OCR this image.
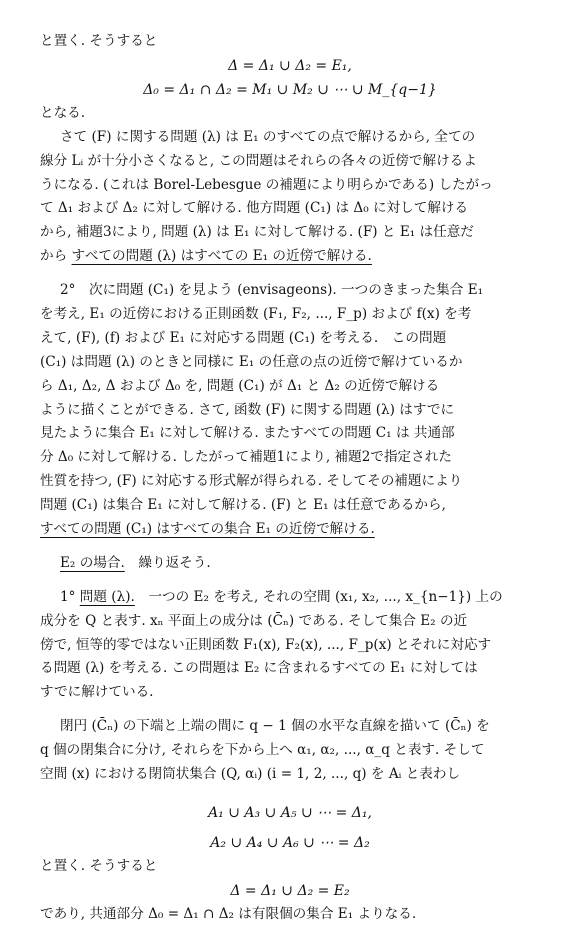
と置く. そうすると
Δ = Δ₁ ∪ Δ₂ = E₁,
Δ₀ = Δ₁ ∩ Δ₂ = M₁ ∪ M₂ ∪ ⋯ ∪ M_{q−1}
となる.
さて (F) に関する問題 (λ) は E₁ のすべての点で解けるから, 全ての
線分 Lᵢ が十分小さくなると, この問題はそれらの各々の近傍で解けるよ
うになる. (これは Borel-Lebesgue の補題により明らかである) したがっ
て Δ₁ および Δ₂ に対して解ける. 他方問題 (C₁) は Δ₀ に対して解ける
から, 補題3により, 問題 (λ) は E₁ に対して解ける. (F) と E₁ は任意だ
から すべての問題 (λ) はすべての E₁ の近傍で解ける.
2°　次に問題 (C₁) を見よう (envisageons). 一つのきまった集合 E₁
を考え, E₁ の近傍における正則函数 (F₁, F₂, ..., F_p) および f(x) を考
えて, (F), (f) および E₁ に対応する問題 (C₁) を考える.　この問題
(C₁) は問題 (λ) のときと同様に E₁ の任意の点の近傍で解けているか
ら Δ₁, Δ₂, Δ および Δ₀ を, 問題 (C₁) が Δ₁ と Δ₂ の近傍で解ける
ように描くことができる. さて, 函数 (F) に関する問題 (λ) はすでに
見たように集合 E₁ に対して解ける. またすべての問題 C₁ は 共通部
分 Δ₀ に対して解ける. したがって補題1により, 補題2で指定された
性質を持つ, (F) に対応する形式解が得られる. そしてその補題により
問題 (C₁) は集合 E₁ に対して解ける. (F) と E₁ は任意であるから,
すべての問題 (C₁) はすべての集合 E₁ の近傍で解ける.
E₂ の場合.　 繰り返そう.
1° 問題 (λ).　 一つの E₂ を考え, それの空間 (x₁, x₂, ..., x_{n−1}) 上の
成分を Q と表す. xₙ 平面上の成分は (C̄ₙ) である. そして集合 E₂ の近
傍で, 恒等的零ではない正則函数 F₁(x), F₂(x), ..., F_p(x) とそれに対応す
る問題 (λ) を考える. この問題は E₂ に含まれるすべての E₁ に対しては
すでに解けている.
閉円 (C̄ₙ) の下端と上端の間に q − 1 個の水平な直線を描いて (C̄ₙ) を
q 個の閉集合に分け, それらを下から上へ α₁, α₂, ..., α_q と表す. そして
空間 (x) における閉筒状集合 (Q, αᵢ) (i = 1, 2, ..., q) を Aᵢ と表わし
A₁ ∪ A₃ ∪ A₅ ∪ ⋯ = Δ₁,
A₂ ∪ A₄ ∪ A₆ ∪ ⋯ = Δ₂
と置く. そうすると
Δ = Δ₁ ∪ Δ₂ = E₂
であり, 共通部分 Δ₀ = Δ₁ ∩ Δ₂ は有限個の集合 E₁ よりなる.
